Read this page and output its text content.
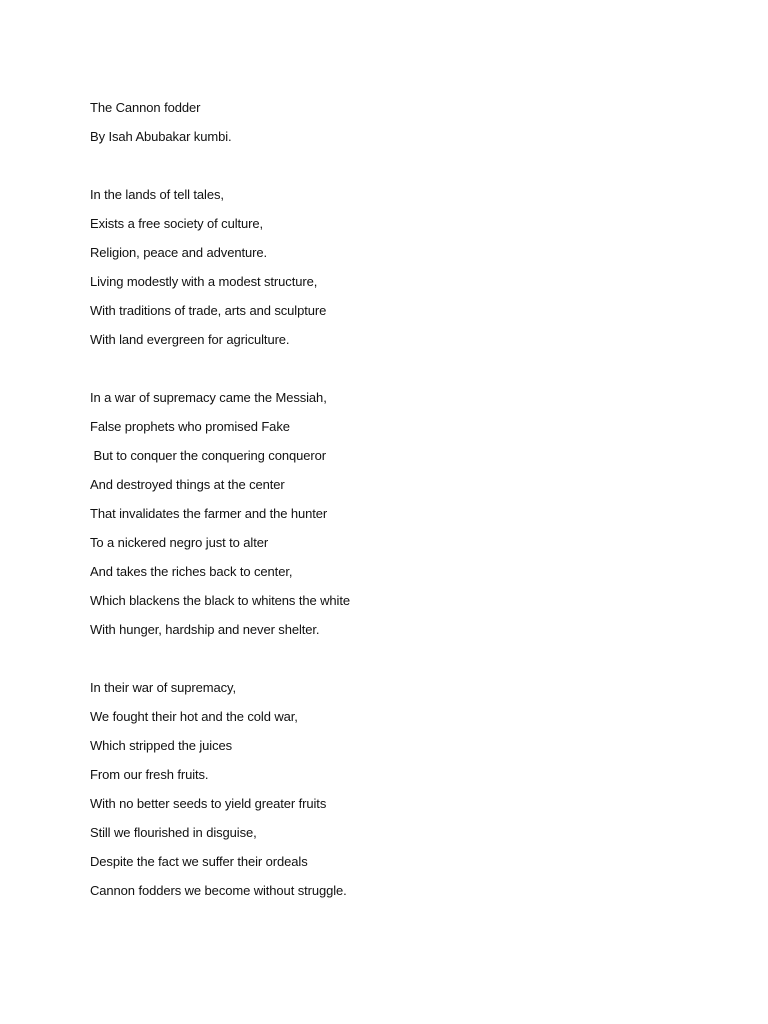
The Cannon fodder
By Isah Abubakar kumbi.
In the lands of tell tales,
Exists a free society of culture,
Religion, peace and adventure.
Living modestly with a modest structure,
With traditions of trade, arts and sculpture
With land evergreen for agriculture.
In a war of supremacy came the Messiah,
False prophets who promised Fake
But to conquer the conquering conqueror
And destroyed things at the center
That invalidates the farmer and the hunter
To a nickered negro just to alter
And takes the riches back to center,
Which blackens the black to whitens the white
With hunger, hardship and never shelter.
In their war of supremacy,
We fought their hot and the cold war,
Which stripped the juices
From our fresh fruits.
With no better seeds to yield greater fruits
Still we flourished in disguise,
Despite the fact we suffer their ordeals
Cannon fodders we become without struggle.
